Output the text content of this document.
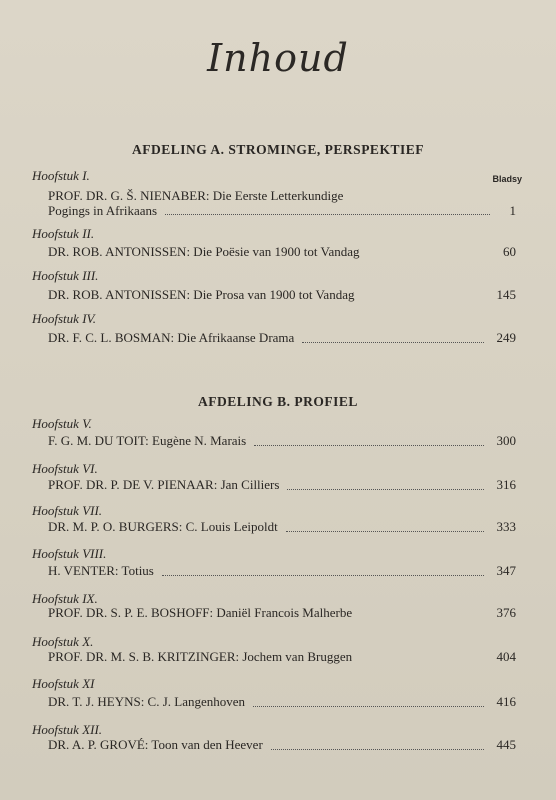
Inhoud
AFDELING A. STROMINGE, PERSPEKTIEF
Bladsy
Hoofstuk I.
PROF. DR. G. Š. NIENABER: Die Eerste Letterkundige
Pogings in Afrikaans	1
Hoofstuk II.
DR. ROB. ANTONISSEN: Die Poësie van 1900 tot Vandag	60
Hoofstuk III.
DR. ROB. ANTONISSEN: Die Prosa van 1900 tot Vandag	145
Hoofstuk IV.
DR. F. C. L. BOSMAN: Die Afrikaanse Drama	249
AFDELING B. PROFIEL
Hoofstuk V.
F. G. M. DU TOIT: Eugène N. Marais	300
Hoofstuk VI.
PROF. DR. P. DE V. PIENAAR: Jan Cilliers	316
Hoofstuk VII.
DR. M. P. O. BURGERS: C. Louis Leipoldt	333
Hoofstuk VIII.
H. VENTER: Totius	347
Hoofstuk IX.
PROF. DR. S. P. E. BOSHOFF: Daniël Francois Malherbe	376
Hoofstuk X.
PROF. DR. M. S. B. KRITZINGER: Jochem van Bruggen	404
Hoofstuk XI
DR. T. J. HEYNS: C. J. Langenhoven	416
Hoofstuk XII.
DR. A. P. GROVÉ: Toon van den Heever	445
